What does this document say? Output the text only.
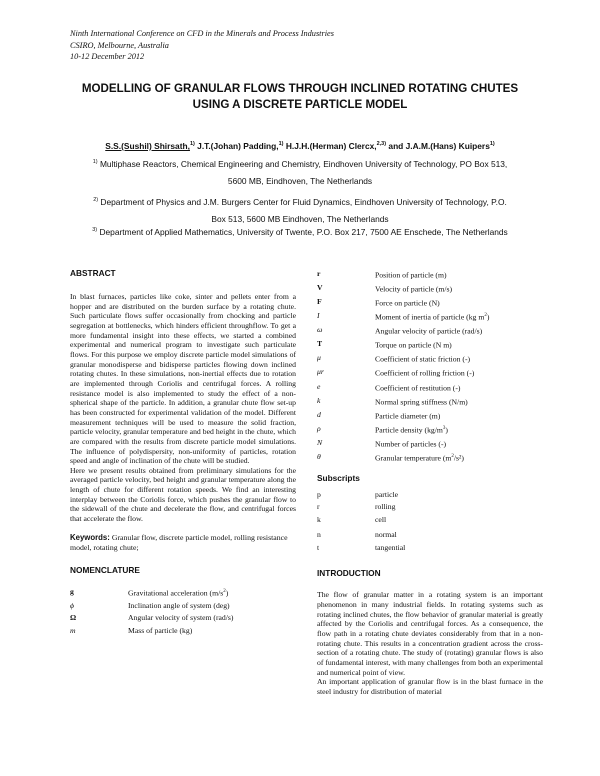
Ninth International Conference on CFD in the Minerals and Process Industries
CSIRO, Melbourne, Australia
10-12 December 2012
MODELLING OF GRANULAR FLOWS THROUGH INCLINED ROTATING CHUTES
USING A DISCRETE PARTICLE MODEL
S.S.(Sushil) Shirsath,$^{1)}$ J.T.(Johan) Padding,$^{1)}$ H.J.H.(Herman) Clercx,$^{2,3)}$ and J.A.M.(Hans) Kuipers$^{1)}$
$^{1)}$ Multiphase Reactors, Chemical Engineering and Chemistry, Eindhoven University of Technology, PO Box 513,
5600 MB, Eindhoven, The Netherlands
$^{2)}$ Department of Physics and J.M. Burgers Center for Fluid Dynamics, Eindhoven University of Technology, P.O.
Box 513, 5600 MB Eindhoven, The Netherlands
$^{3)}$ Department of Applied Mathematics, University of Twente, P.O. Box 217, 7500 AE Enschede, The Netherlands
ABSTRACT

In blast furnaces, particles like coke, sinter and pellets enter from a hopper and are distributed on the burden surface by a rotating chute. Such particulate flows suffer occasionally from chocking and particle segregation at bottlenecks, which hinders efficient throughflow. To get a more fundamental insight into these effects, we started a combined experimental and numerical program to investigate such particulate flows. For this purpose we employ discrete particle model simulations of granular monodisperse and bidisperse particles flowing down inclined rotating chutes. In these simulations, non-inertial effects due to rotation are implemented through Coriolis and centrifugal forces. A rolling resistance model is also implemented to study the effect of a non-spherical shape of the particle. In addition, a granular chute flow set-up has been constructed for experimental validation of the model. Different measurement techniques will be used to measure the solid fraction, particle velocity, granular temperature and bed height in the chute, which are compared with the results from discrete particle model simulations. The influence of polydispersity, non-uniformity of particles, rotation speed and angle of inclination of the chute will be studied.

Here we present results obtained from preliminary simulations for the averaged particle velocity, bed height and granular temperature along the length of chute for different rotation speeds. We find an interesting interplay between the Coriolis force, which pushes the granular flow to the sidewall of the chute and decelerate the flow, and centrifugal forces that accelerate the flow.

Keywords: Granular flow, discrete particle model, rolling resistance model, rotating chute;

NOMENCLATURE
g	Gravitational acceleration $(m/s^2)$
ϕ	Inclination angle of system (deg)
Ω	Angular velocity of system (rad/s)
m	Mass of particle (kg)
r	Position of particle (m)
V	Velocity of particle (m/s)
F	Force on particle (N)
I	Moment of inertia of particle (kg $m^2$)
ω	Angular velocity of particle (rad/s)
T	Torque on particle (N m)
μ	Coefficient of static friction (-)
μr	Coefficient of rolling friction (-)
e	Coefficient of restitution (-)
k	Normal spring stiffness (N/m)
d	Particle diameter (m)
ρ	Particle density $(kg/m^3)$
N	Number of particles (-)
θ	Granular temperature $(m^2/s^2)$
Subscripts
p	particle
r	rolling
k	cell
n	normal
t	tangential
INTRODUCTION

The flow of granular matter in a rotating system is an important phenomenon in many industrial fields. In rotating systems such as rotating inclined chutes, the flow behavior of granular material is greatly affected by the Coriolis and centrifugal forces. As a consequence, the flow path in a rotating chute deviates considerably from that in a non-rotating chute. This results in a concentration gradient across the cross-section of a rotating chute. The study of (rotating) granular flows is also of fundamental interest, with many challenges from both an experimental and numerical point of view.

An important application of granular flow is in the blast furnace in the steel industry for distribution of material
